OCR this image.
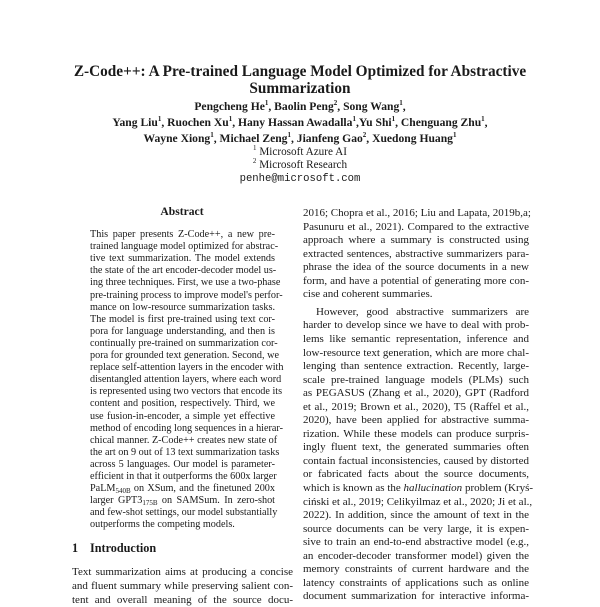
Z-Code++: A Pre-trained Language Model Optimized for Abstractive
Summarization
Pengcheng He$^1$, Baolin Peng$^2$, Song Wang$^1$,
Yang Liu$^1$, Ruochen Xu$^1$, Hany Hassan Awadalla$^1$,Yu Shi$^1$, Chenguang Zhu$^1$,
Wayne Xiong$^1$, Michael Zeng$^1$, Jianfeng Gao$^2$, Xuedong Huang$^1$
$^1$ Microsoft Azure AI
$^2$ Microsoft Research
penhe@microsoft.com
Abstract
This paper presents Z-Code++, a new pre-
trained language model optimized for abstrac-
tive text summarization. The model extends
the state of the art encoder-decoder model us-
ing three techniques. First, we use a two-phase
pre-training process to improve model's perfor-
mance on low-resource summarization tasks.
The model is first pre-trained using text cor-
pora for language understanding, and then is
continually pre-trained on summarization cor-
pora for grounded text generation. Second, we
replace self-attention layers in the encoder with
disentangled attention layers, where each word
is represented using two vectors that encode its
content and position, respectively. Third, we
use fusion-in-encoder, a simple yet effective
method of encoding long sequences in a hierar-
chical manner. Z-Code++ creates new state of
the art on 9 out of 13 text summarization tasks
across 5 languages. Our model is parameter-
efficient in that it outperforms the 600x larger
PaLM$_{540B}$ on XSum, and the finetuned 200x
larger $GPT3_{175B}$ on SAMSum. In zero-shot
and few-shot settings, our model substantially
outperforms the competing models.
1 Introduction
Text summarization aims at producing a concise
and fluent summary while preserving salient con-
tent and overall meaning of the source docu-
2016; Chopra et al., 2016; Liu and Lapata, 2019b,a;
Pasunuru et al., 2021). Compared to the extractive
approach where a summary is constructed using
extracted sentences, abstractive summarizers para-
phrase the idea of the source documents in a new
form, and have a potential of generating more con-
cise and coherent summaries.
However, good abstractive summarizers are
harder to develop since we have to deal with prob-
lems like semantic representation, inference and
low-resource text generation, which are more chal-
lenging than sentence extraction. Recently, large-
scale pre-trained language models (PLMs) such
as PEGASUS (Zhang et al., 2020), GPT (Radford
et al., 2019; Brown et al., 2020), T5 (Raffel et al.,
2020), have been applied for abstractive summa-
rization. While these models can produce surpris-
ingly fluent text, the generated summaries often
contain factual inconsistencies, caused by distorted
or fabricated facts about the source documents,
which is known as the hallucination problem (Kryś-
ciński et al., 2019; Celikyilmaz et al., 2020; Ji et al.,
2022). In addition, since the amount of text in the
source documents can be very large, it is expen-
sive to train an end-to-end abstractive model (e.g.,
an encoder-decoder transformer model) given the
memory constraints of current hardware and the
latency constraints of applications such as online
document summarization for interactive informa-
